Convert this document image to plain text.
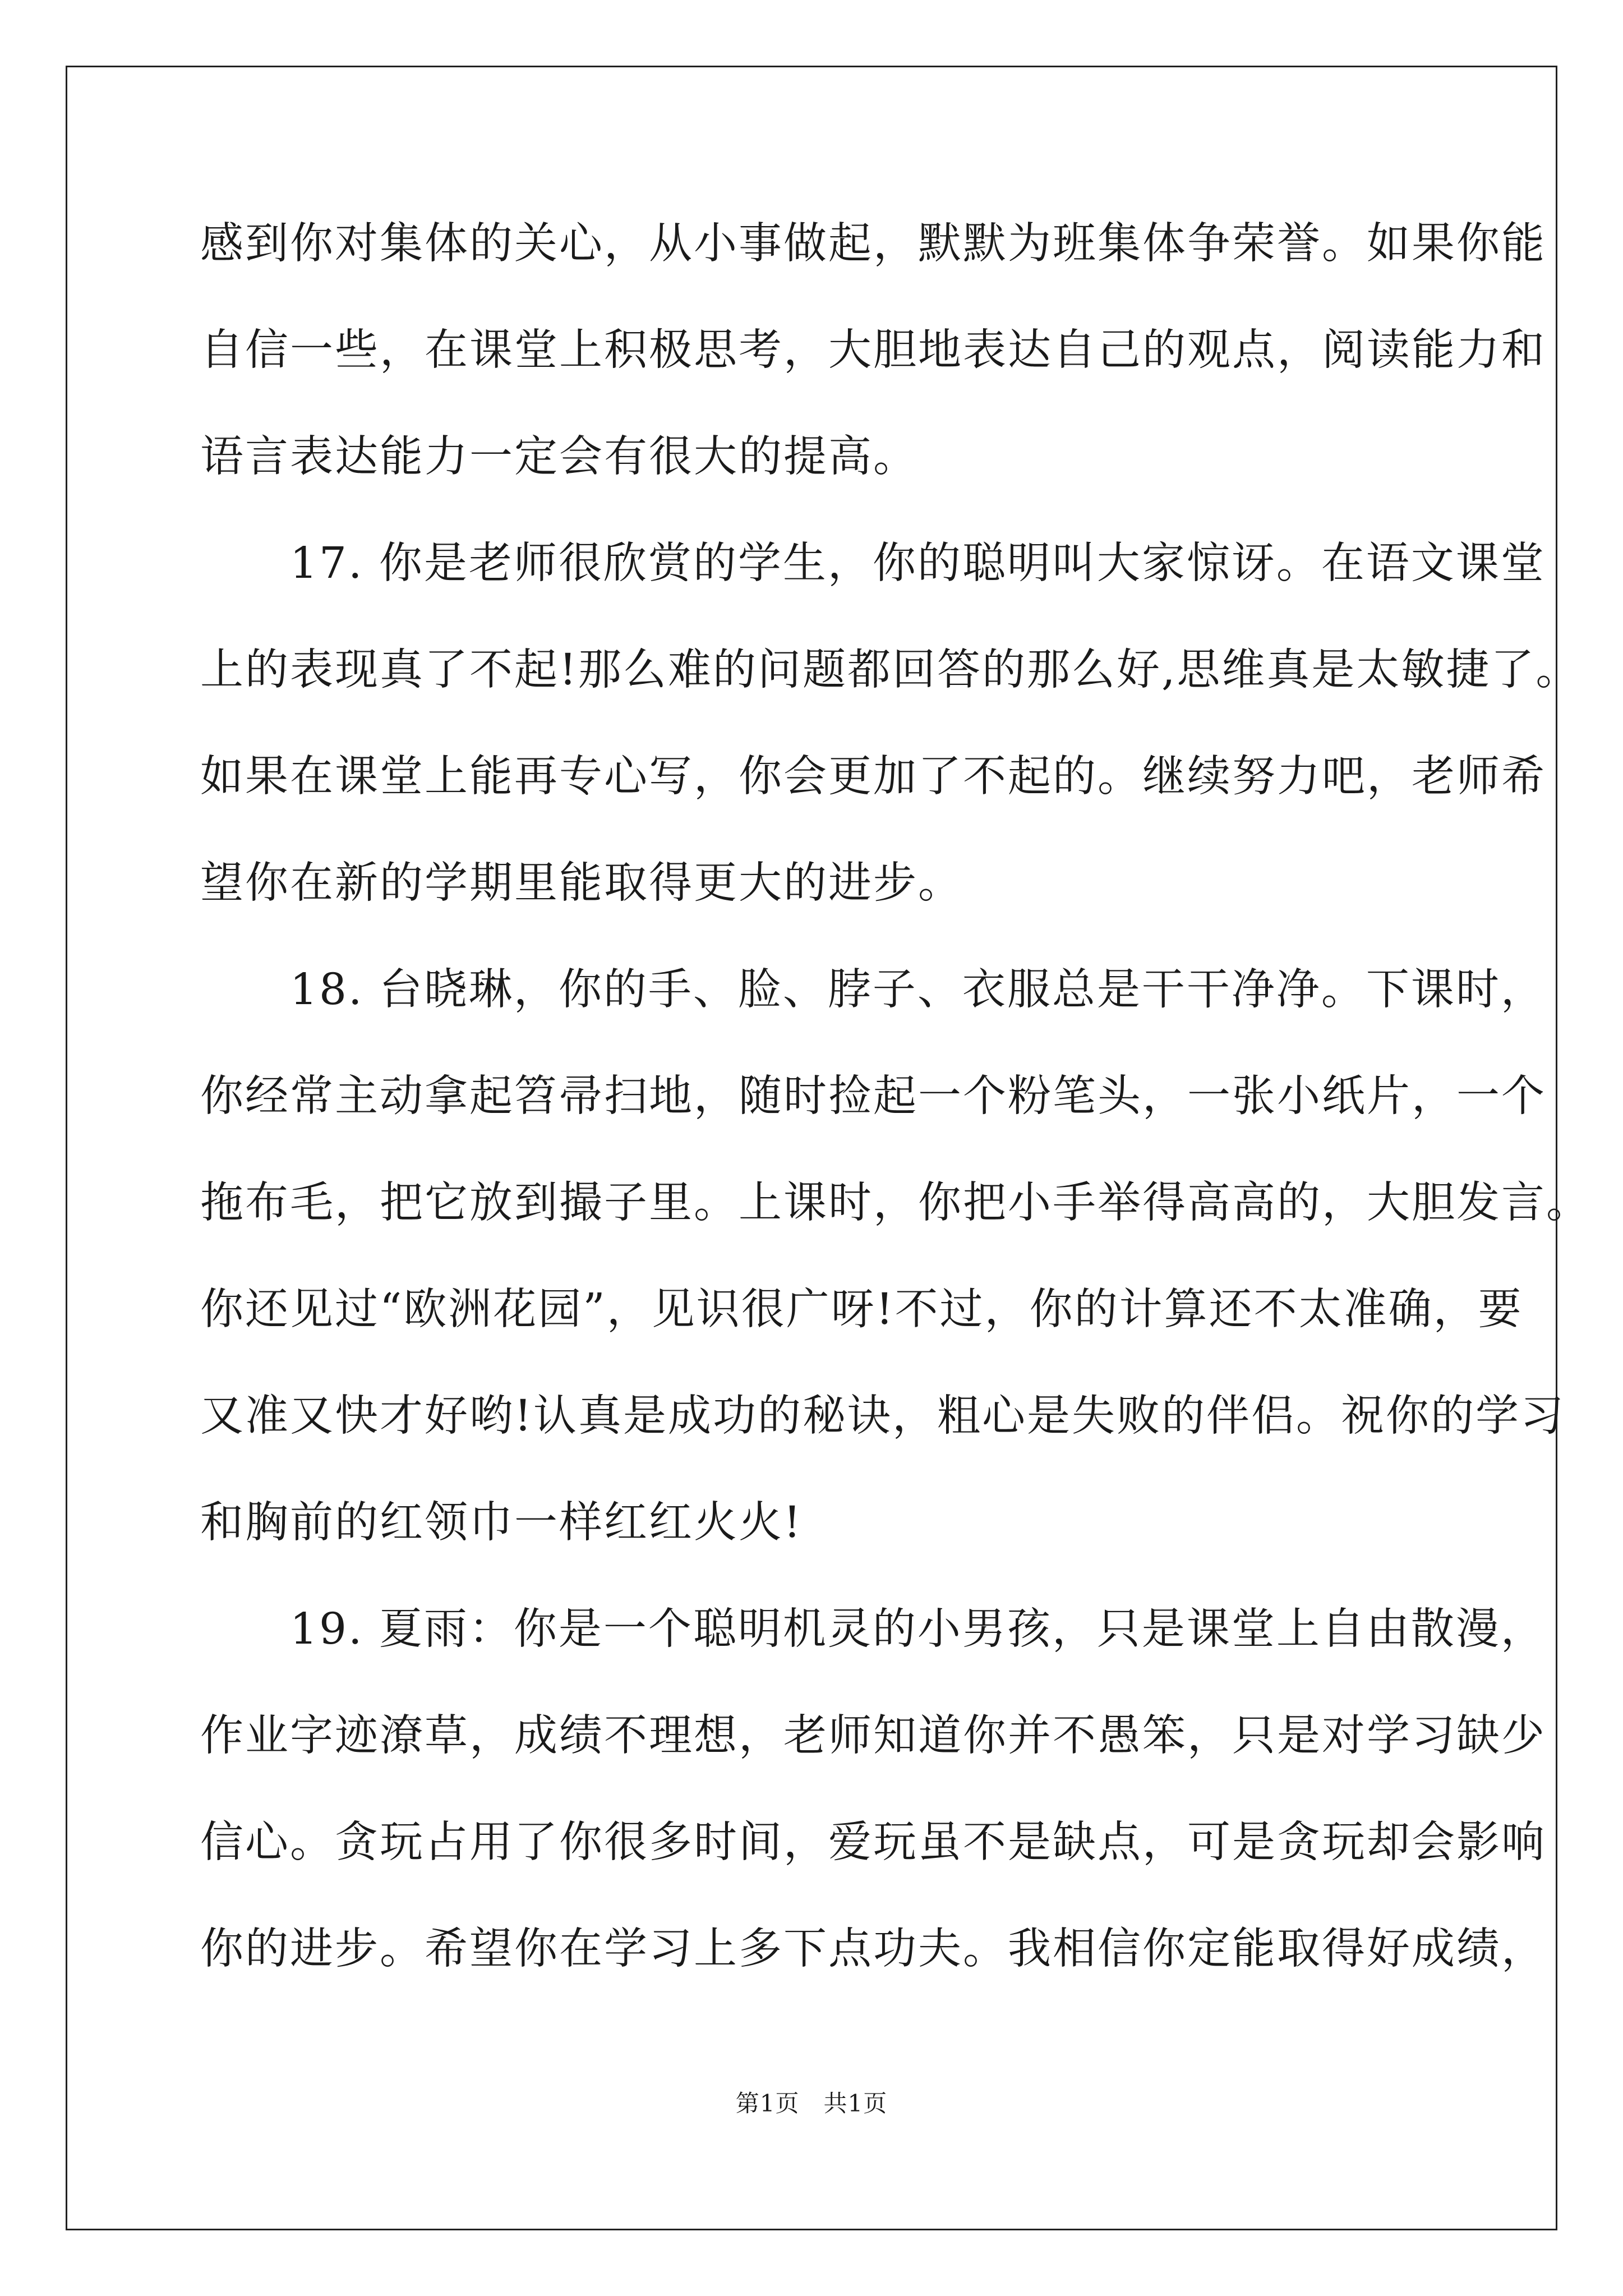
感到你对集体的关心，从小事做起，默默为班集体争荣誉。如果你能
自信一些，在课堂上积极思考，大胆地表达自己的观点，阅读能力和
语言表达能力一定会有很大的提高。
　　17. 你是老师很欣赏的学生，你的聪明叫大家惊讶。在语文课堂
上的表现真了不起!那么难的问题都回答的那么好,思维真是太敏捷了。
如果在课堂上能再专心写，你会更加了不起的。继续努力吧，老师希
望你在新的学期里能取得更大的进步。
　　18. 台晓琳，你的手、脸、脖子、衣服总是干干净净。下课时，
你经常主动拿起笤帚扫地，随时捡起一个粉笔头，一张小纸片，一个
拖布毛，把它放到撮子里。上课时，你把小手举得高高的，大胆发言。
你还见过“欧洲花园”，见识很广呀!不过，你的计算还不太准确，要
又准又快才好哟!认真是成功的秘诀，粗心是失败的伴侣。祝你的学习
和胸前的红领巾一样红红火火!
　　19. 夏雨：你是一个聪明机灵的小男孩，只是课堂上自由散漫，
作业字迹潦草，成绩不理想，老师知道你并不愚笨，只是对学习缺少
信心。贪玩占用了你很多时间，爱玩虽不是缺点，可是贪玩却会影响
你的进步。希望你在学习上多下点功夫。我相信你定能取得好成绩，
第1页　共1页
